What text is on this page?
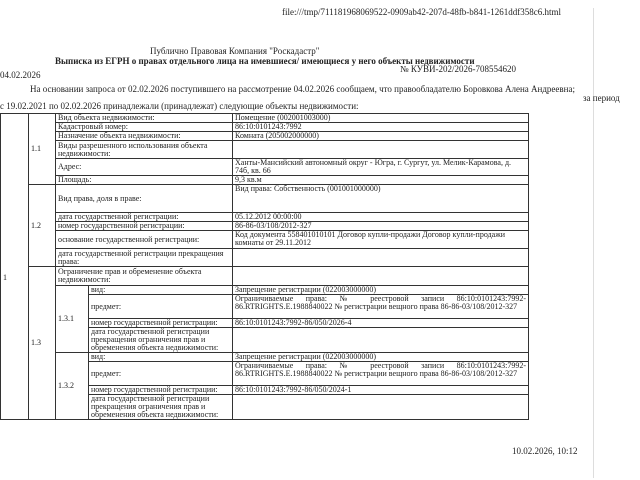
file:///tmp/711181968069522-0909ab42-207d-48fb-b841-1261ddf358c6.html
Публично Правовая Компания "Роскадастр"
Выписка из ЕГРН о правах отдельного лица на имевшиеся/ имеющиеся у него объекты недвижимости
№ КУВИ-202/2026-708554620
04.02.2026
На основании запроса от 02.02.2026 поступившего на рассмотрение 04.02.2026 сообщаем, что правообладателю Боровкова Алена Андреевна;
за период
с 19.02.2021 по 02.02.2026 принадлежали (принадлежат) следующие объекты недвижимости:
1	1.1	Вид объекта недвижимости:		Помещение (002001003000)
		Кадастровый номер:		86:10:0101243:7992
		Назначение объекта недвижимости:		Комната (205002000000)
		Виды разрешенного использования объекта недвижимости:		
		Адрес:		Ханты-Мансийский автономный округ - Югра, г. Сургут, ул. Мелик-Карамова, д. 74б, кв. 66
		Площадь:		9,3 кв.м
	1.2	Вид права, доля в праве:		Вид права: Собственность (001001000000)
		дата государственной регистрации:		05.12.2012 00:00:00
		номер государственной регистрации:		86-86-03/108/2012-327
		основание государственной регистрации:		Код документа 558401010101 Договор купли-продажи Договор купли-продажи комнаты от 29.11.2012
		дата государственной регистрации прекращения права:		
	1.3	Ограничение прав и обременение объекта недвижимости:		
		1.3.1	вид:	Запрещение регистрации (022003000000)
			предмет:	Ограничиваемые права: № реестровой записи 86:10:0101243:7992-86.RTRIGHTS.E.1988840022 № регистрации вещного права 86-86-03/108/2012-327
			номер государственной регистрации:	86:10:0101243:7992-86/050/2026-4
			дата государственной регистрации прекращения ограничения прав и обременения объекта недвижимости:	
		1.3.2	вид:	Запрещение регистрации (022003000000)
			предмет:	Ограничиваемые права: № реестровой записи 86:10:0101243:7992-86.RTRIGHTS.E.1988840022 № регистрации вещного права 86-86-03/108/2012-327
			номер государственной регистрации:	86:10:0101243:7992-86/050/2024-1
			дата государственной регистрации прекращения ограничения прав и обременения объекта недвижимости:	
10.02.2026, 10:12
